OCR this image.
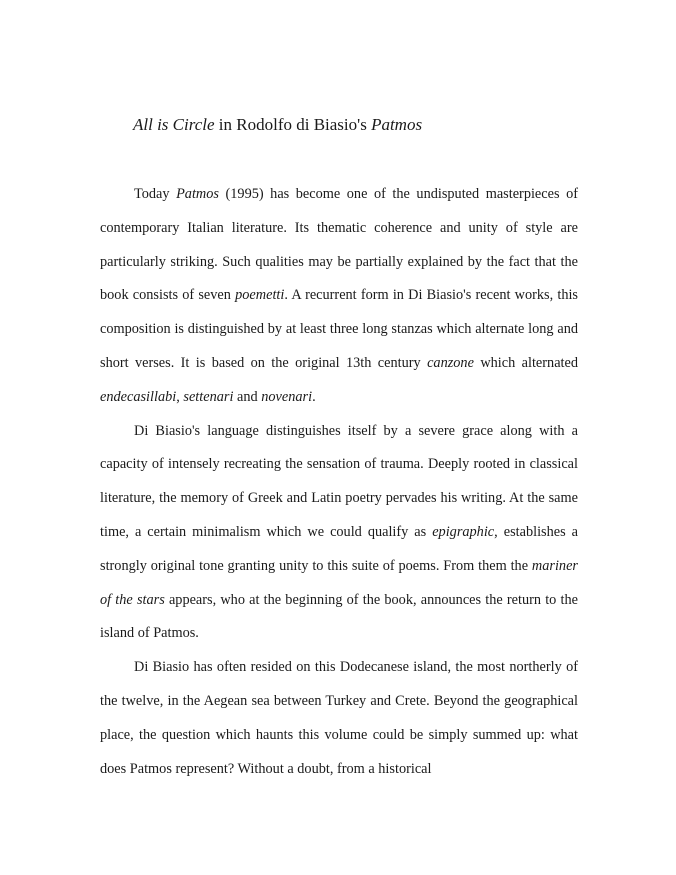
All is Circle in Rodolfo di Biasio's Patmos

Today Patmos (1995) has become one of the undisputed masterpieces of contemporary Italian literature. Its thematic coherence and unity of style are particularly striking. Such qualities may be partially explained by the fact that the book consists of seven poemetti. A recurrent form in Di Biasio's recent works, this composition is distinguished by at least three long stanzas which alternate long and short verses. It is based on the original 13th century canzone which alternated endecasillabi, settenari and novenari.

Di Biasio's language distinguishes itself by a severe grace along with a capacity of intensely recreating the sensation of trauma. Deeply rooted in classical literature, the memory of Greek and Latin poetry pervades his writing. At the same time, a certain minimalism which we could qualify as epigraphic, establishes a strongly original tone granting unity to this suite of poems. From them the mariner of the stars appears, who at the beginning of the book, announces the return to the island of Patmos.

Di Biasio has often resided on this Dodecanese island, the most northerly of the twelve, in the Aegean sea between Turkey and Crete. Beyond the geographical place, the question which haunts this volume could be simply summed up: what does Patmos represent? Without a doubt, from a historical
